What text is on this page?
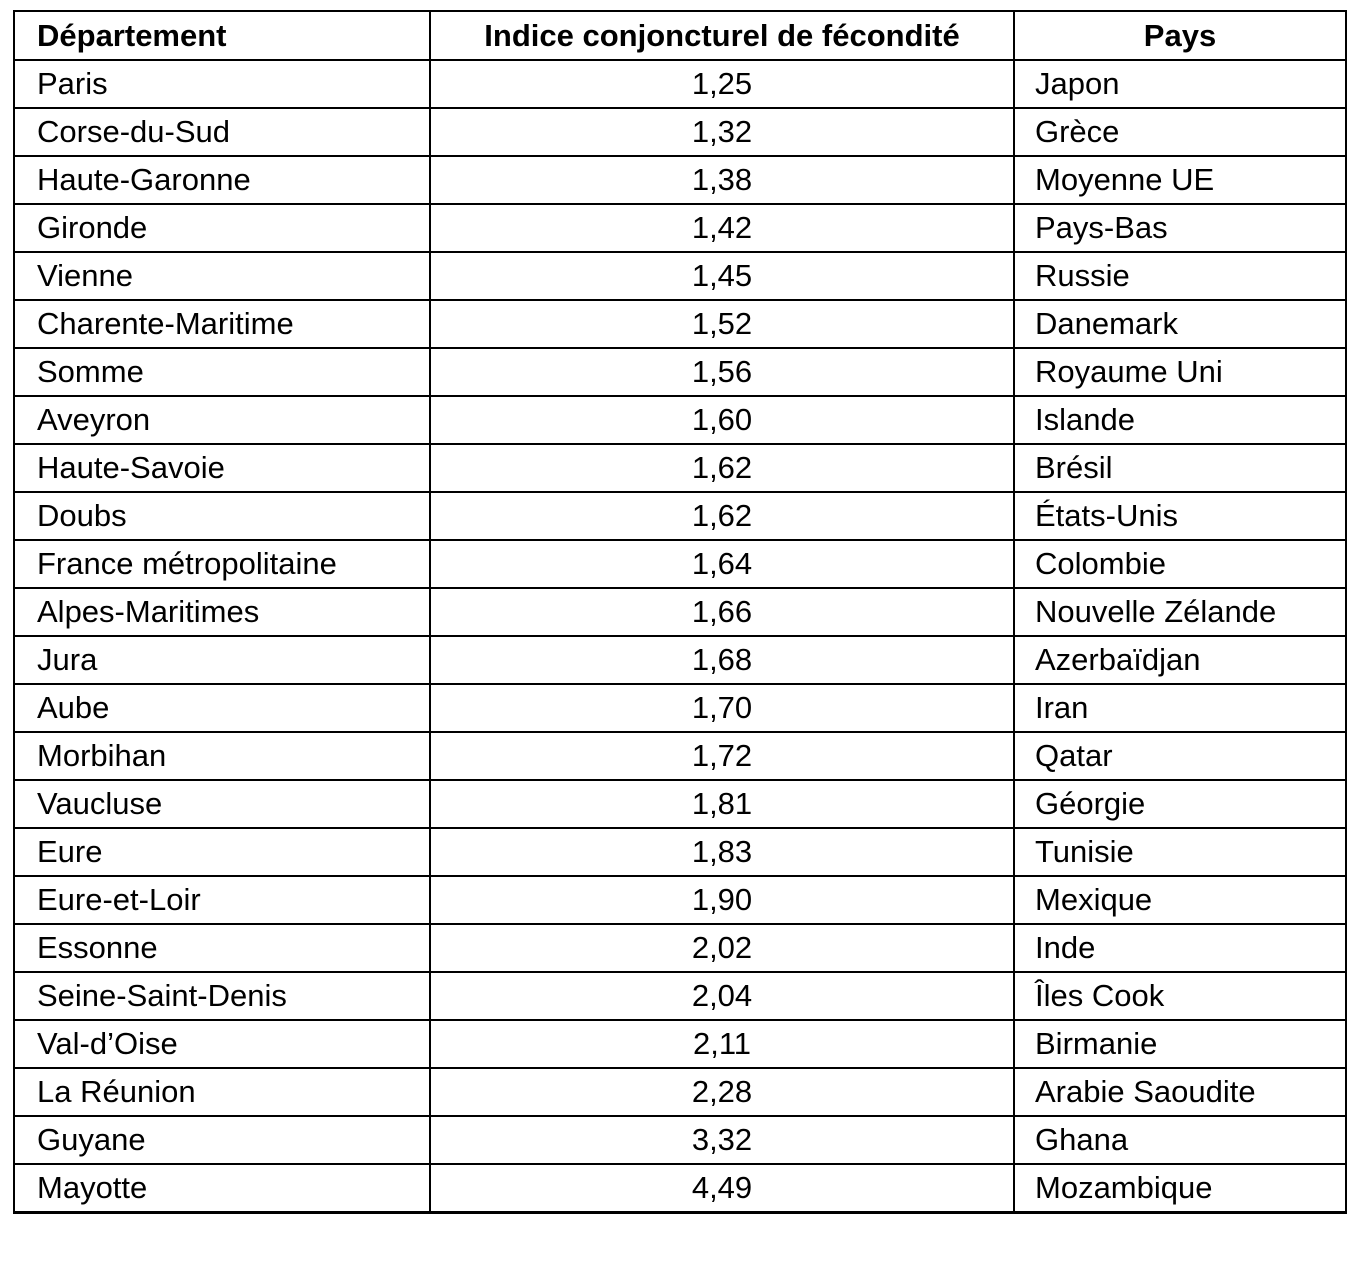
Département	Indice conjoncturel de fécondité	Pays
Paris	1,25	Japon
Corse-du-Sud	1,32	Grèce
Haute-Garonne	1,38	Moyenne UE
Gironde	1,42	Pays-Bas
Vienne	1,45	Russie
Charente-Maritime	1,52	Danemark
Somme	1,56	Royaume Uni
Aveyron	1,60	Islande
Haute-Savoie	1,62	Brésil
Doubs	1,62	États-Unis
France métropolitaine	1,64	Colombie
Alpes-Maritimes	1,66	Nouvelle Zélande
Jura	1,68	Azerbaïdjan
Aube	1,70	Iran
Morbihan	1,72	Qatar
Vaucluse	1,81	Géorgie
Eure	1,83	Tunisie
Eure-et-Loir	1,90	Mexique
Essonne	2,02	Inde
Seine-Saint-Denis	2,04	Îles Cook
Val-d’Oise	2,11	Birmanie
La Réunion	2,28	Arabie Saoudite
Guyane	3,32	Ghana
Mayotte	4,49	Mozambique
